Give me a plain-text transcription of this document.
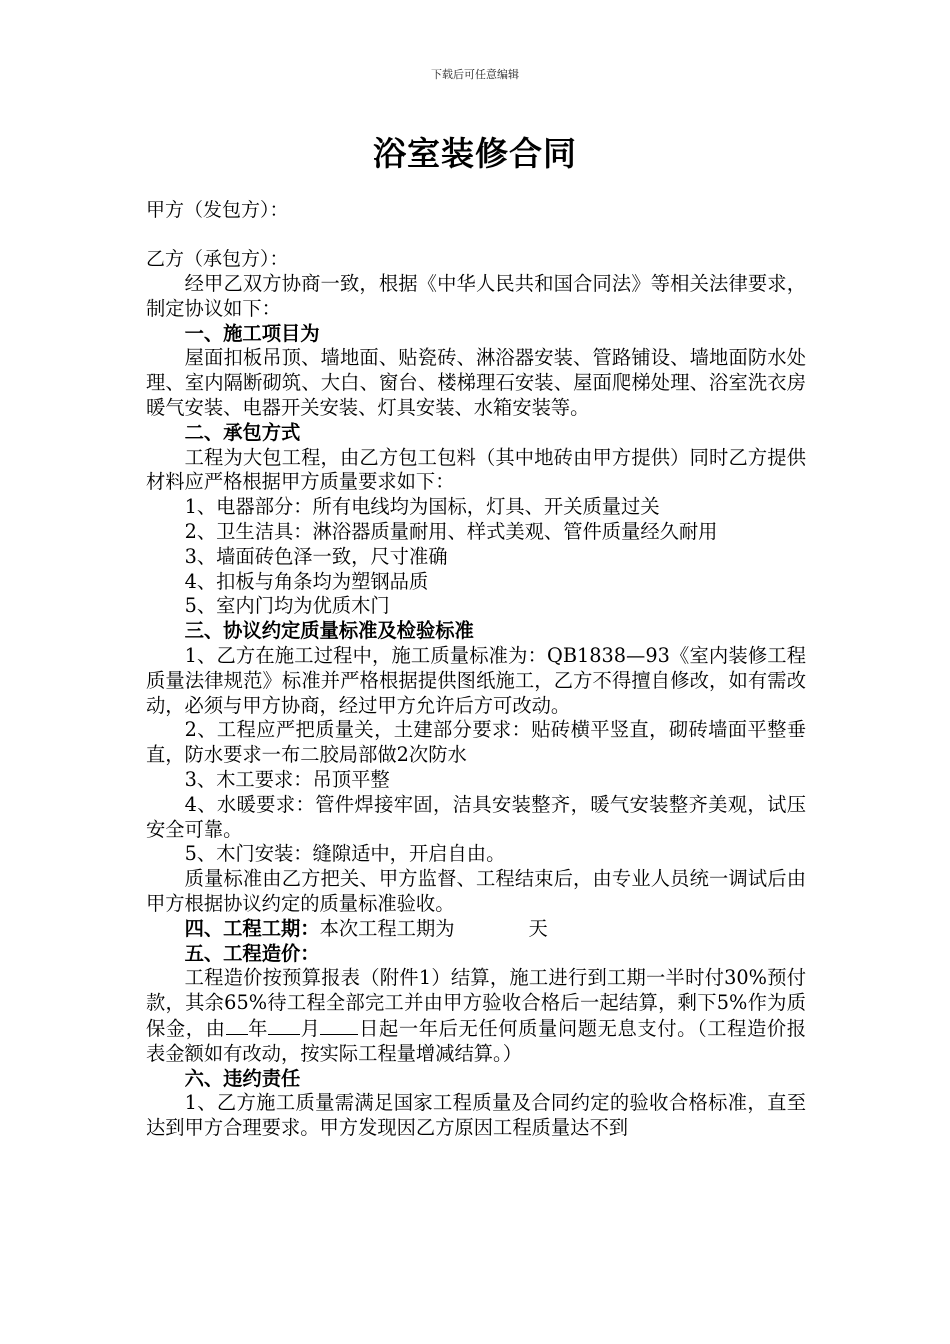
下载后可任意编辑
浴室装修合同
甲方（发包方）：
乙方（承包方）：

经甲乙双方协商一致，根据《中华人民共和国合同法》等相关法律要求，制定协议如下：

一、施工项目为

屋面扣板吊顶、墙地面、贴瓷砖、淋浴器安装、管路铺设、墙地面防水处理、室内隔断砌筑、大白、窗台、楼梯理石安装、屋面爬梯处理、浴室洗衣房暖气安装、电器开关安装、灯具安装、水箱安装等。

二、承包方式

工程为大包工程，由乙方包工包料（其中地砖由甲方提供）同时乙方提供材料应严格根据甲方质量要求如下：

1、电器部分：所有电线均为国标，灯具、开关质量过关

2、卫生洁具：淋浴器质量耐用、样式美观、管件质量经久耐用

3、墙面砖色泽一致，尺寸准确

4、扣板与角条均为塑钢品质

5、室内门均为优质木门

三、协议约定质量标准及检验标准

1、乙方在施工过程中，施工质量标准为：QB1838—93《室内装修工程质量法律规范》标准并严格根据提供图纸施工，乙方不得擅自修改，如有需改动，必须与甲方协商，经过甲方允许后方可改动。

2、工程应严把质量关，土建部分要求：贴砖横平竖直，砌砖墙面平整垂直，防水要求一布二胶局部做2次防水

3、木工要求：吊顶平整

4、水暖要求：管件焊接牢固，洁具安装整齐，暖气安装整齐美观，试压安全可靠。

5、木门安装：缝隙适中，开启自由。

质量标准由乙方把关、甲方监督、工程结束后，由专业人员统一调试后由甲方根据协议约定的质量标准验收。

四、工程工期：本次工程工期为	天

五、工程造价：

工程造价按预算报表（附件1）结算，施工进行到工期一半时付30%预付款，其余65%待工程全部完工并由甲方验收合格后一起结算，剩下5%作为质保金，由 年 月 日起一年后无任何质量问题无息支付。（工程造价报表金额如有改动，按实际工程量增减结算。）

六、违约责任

1、乙方施工质量需满足国家工程质量及合同约定的验收合格标准，直至达到甲方合理要求。甲方发现因乙方原因工程质量达不到
